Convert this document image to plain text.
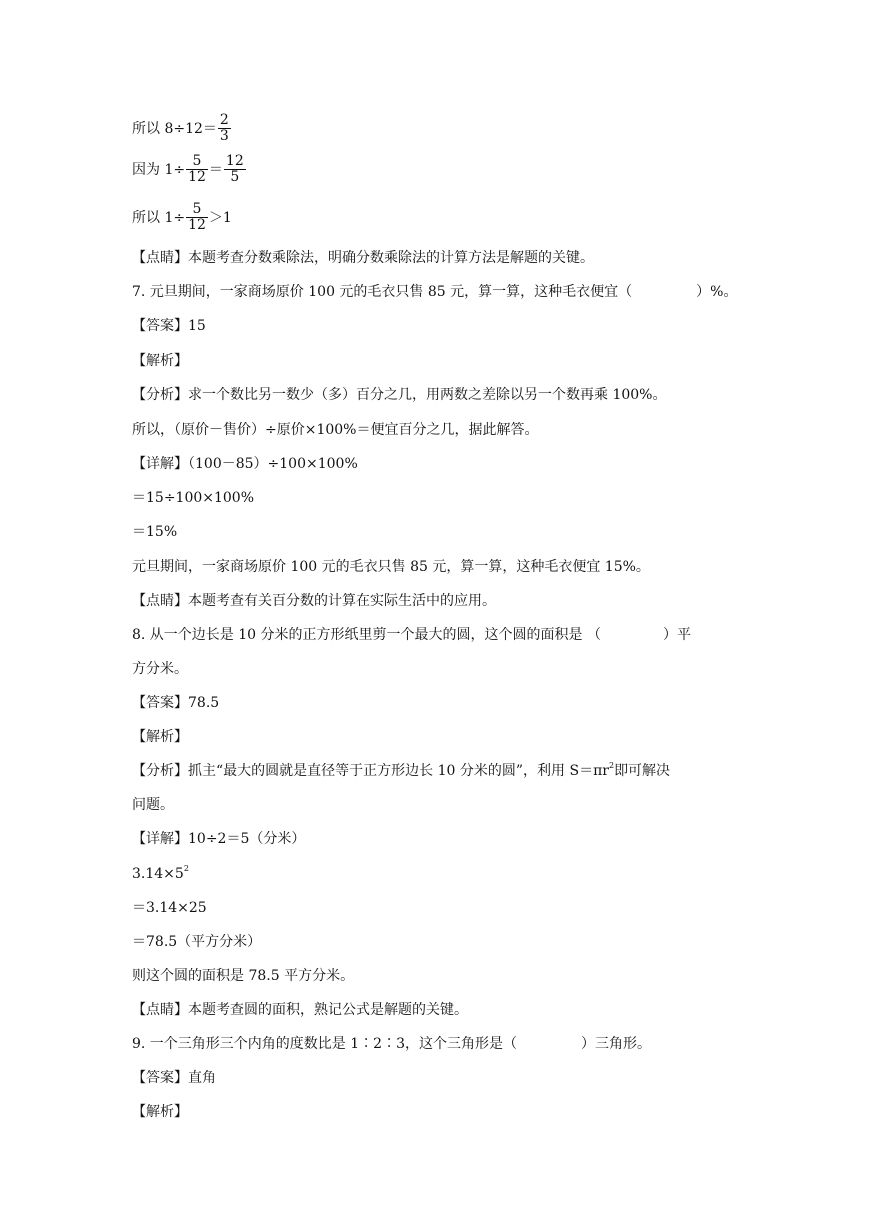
所以 $8\div 12= \frac{2}{3}$
因为 $1\div \frac{5}{12} = \frac{12}{5}$
所以 $1\div \frac{5}{12} >1$
【点睛】本题考查分数乘除法，明确分数乘除法的计算方法是解题的关键。
7. 元旦期间，一家商场原价 100 元的毛衣只售 85 元，算一算，这种毛衣便宜（	）%。
【答案】15
【解析】
【分析】求一个数比另一数少（多）百分之几，用两数之差除以另一个数再乘 100%。
所以，（原价－售价）÷原价×100%＝便宜百分之几，据此解答。
【详解】（100－85）÷100×100%
＝15÷100×100%
＝15%
元旦期间，一家商场原价 100 元的毛衣只售 85 元，算一算，这种毛衣便宜 15%。
【点睛】本题考查有关百分数的计算在实际生活中的应用。
8. 从一个边长是 10 分米的正方形纸里剪一个最大的圆，这个圆的面积是 （	）平
方分米。
【答案】78.5
【解析】
【分析】抓主“最大的圆就是直径等于正方形边长 10 分米的圆”，利用 $S=\pi r^2$即可解决
问题。
【详解】10÷2＝5（分米）
$3.14\times 5^2$
＝3.14×25
＝78.5（平方分米）
则这个圆的面积是 78.5 平方分米。
【点睛】本题考查圆的面积，熟记公式是解题的关键。
9. 一个三角形三个内角的度数比是 1∶2∶3，这个三角形是（	）三角形。
【答案】直角
【解析】
